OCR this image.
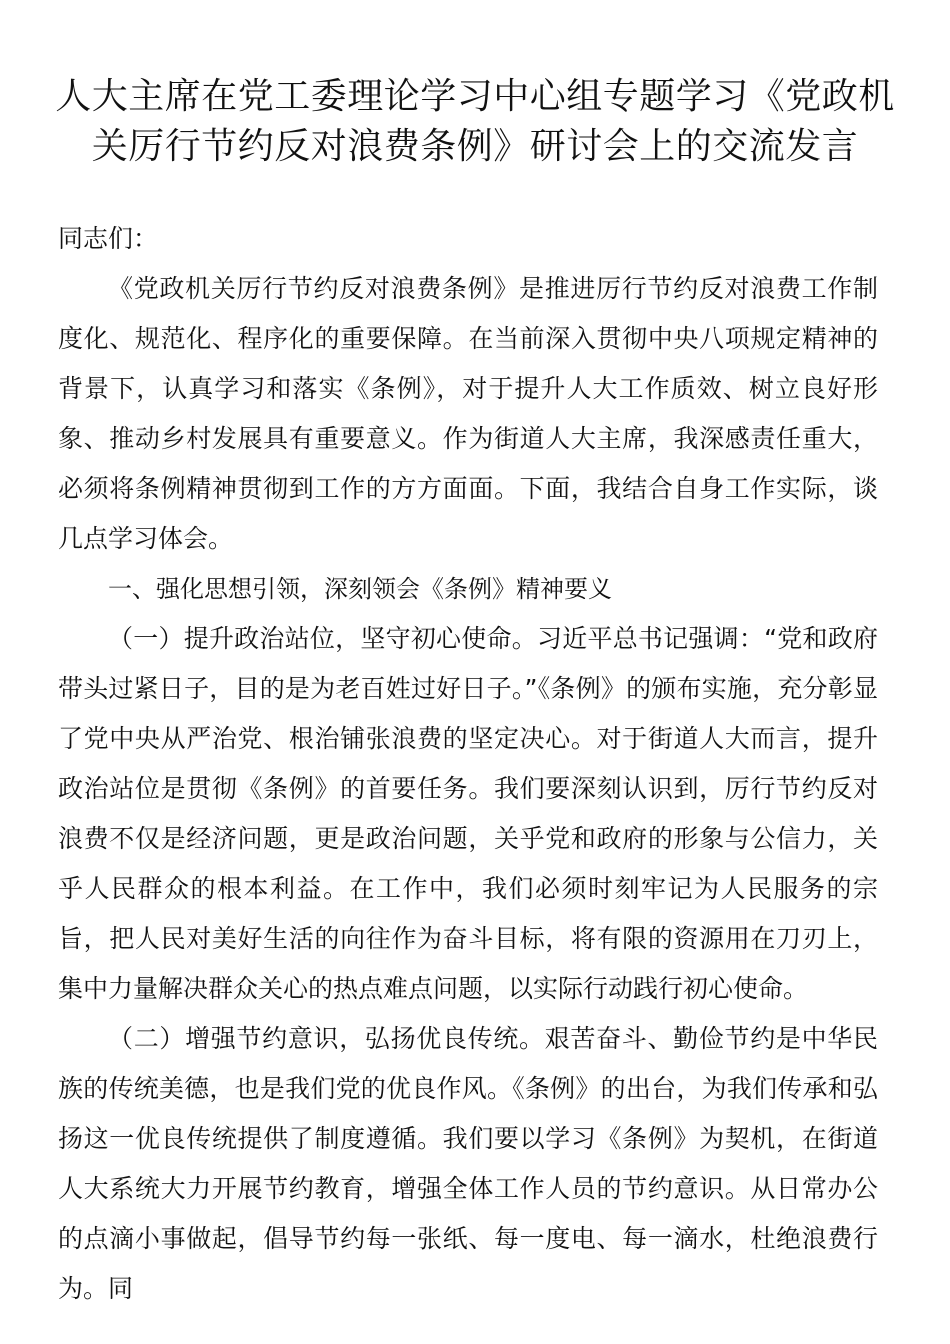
人大主席在党工委理论学习中心组专题学习《党政机关厉行节约反对浪费条例》研讨会上的交流发言

同志们：

《党政机关厉行节约反对浪费条例》是推进厉行节约反对浪费工作制度化、规范化、程序化的重要保障。在当前深入贯彻中央八项规定精神的背景下，认真学习和落实《条例》，对于提升人大工作质效、树立良好形象、推动乡村发展具有重要意义。作为街道人大主席，我深感责任重大，必须将条例精神贯彻到工作的方方面面。下面，我结合自身工作实际，谈几点学习体会。

一、强化思想引领，深刻领会《条例》精神要义

（一）提升政治站位，坚守初心使命。习近平总书记强调：“党和政府带头过紧日子，目的是为老百姓过好日子。”《条例》的颁布实施，充分彰显了党中央从严治党、根治铺张浪费的坚定决心。对于街道人大而言，提升政治站位是贯彻《条例》的首要任务。我们要深刻认识到，厉行节约反对浪费不仅是经济问题，更是政治问题，关乎党和政府的形象与公信力，关乎人民群众的根本利益。在工作中，我们必须时刻牢记为人民服务的宗旨，把人民对美好生活的向往作为奋斗目标，将有限的资源用在刀刃上，集中力量解决群众关心的热点难点问题，以实际行动践行初心使命。

（二）增强节约意识，弘扬优良传统。艰苦奋斗、勤俭节约是中华民族的传统美德，也是我们党的优良作风。《条例》的出台，为我们传承和弘扬这一优良传统提供了制度遵循。我们要以学习《条例》为契机，在街道人大系统大力开展节约教育，增强全体工作人员的节约意识。从日常办公的点滴小事做起，倡导节约每一张纸、每一度电、每一滴水，杜绝浪费行为。同
